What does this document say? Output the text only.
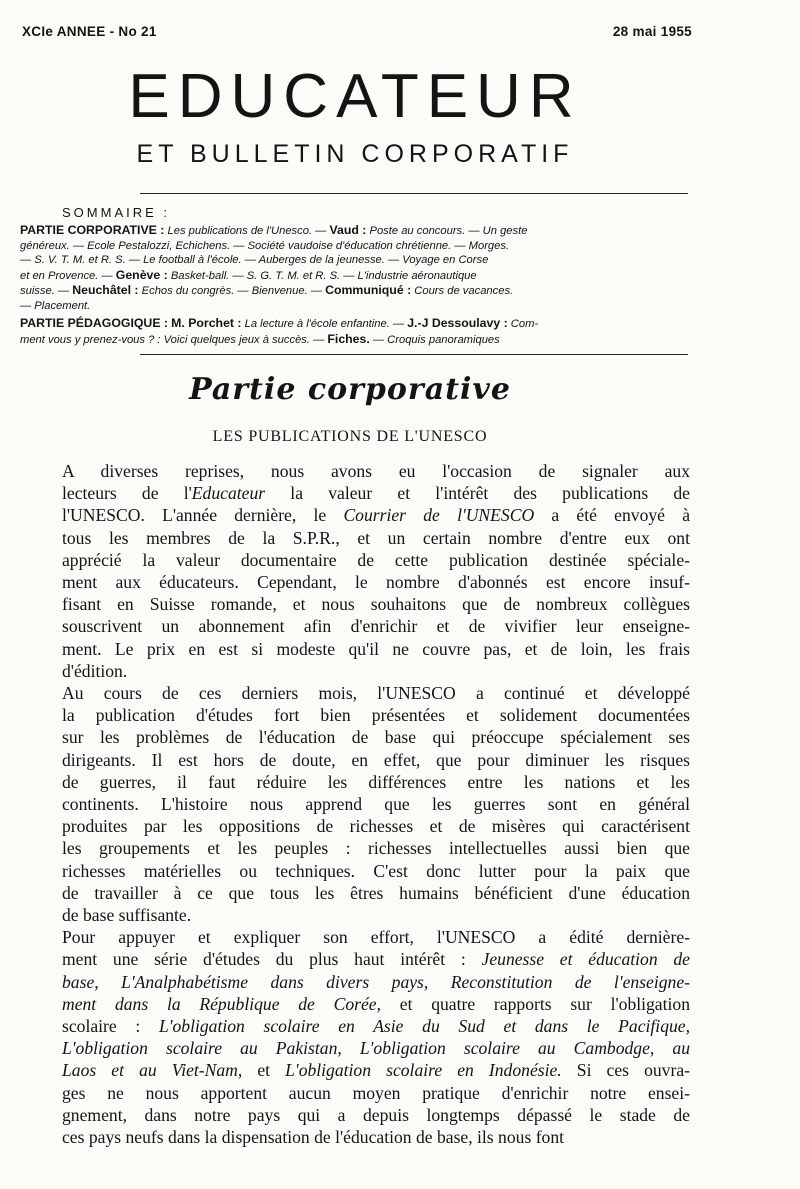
XCIe ANNEE - No 21	28 mai 1955
EDUCATEUR
ET BULLETIN CORPORATIF
SOMMAIRE :
PARTIE CORPORATIVE : Les publications de l'Unesco. — Vaud : Poste au concours. — Un geste
généreux. — Ecole Pestalozzi, Echichens. — Société vaudoise d'éducation chrétienne. — Morges.
— S. V. T. M. et R. S. — Le football à l'école. — Auberges de la jeunesse. — Voyage en Corse
et en Provence. — Genève : Basket-ball. — S. G. T. M. et R. S. — L'industrie aéronautique
suisse. — Neuchâtel : Echos du congrès. — Bienvenue. — Communiqué : Cours de vacances.
— Placement.
PARTIE PÉDAGOGIQUE : M. Porchet : La lecture à l'école enfantine. — J.-J Dessoulavy : Com-
ment vous y prenez-vous ? : Voici quelques jeux à succès. — Fiches. — Croquis panoramiques
Partie corporative
LES PUBLICATIONS DE L'UNESCO

A diverses reprises, nous avons eu l'occasion de signaler aux
lecteurs de l'Educateur la valeur et l'intérêt des publications de
l'UNESCO. L'année dernière, le Courrier de l'UNESCO a été envoyé à
tous les membres de la S.P.R., et un certain nombre d'entre eux ont
apprécié la valeur documentaire de cette publication destinée spéciale-
ment aux éducateurs. Cependant, le nombre d'abonnés est encore insuf-
fisant en Suisse romande, et nous souhaitons que de nombreux collègues
souscrivent un abonnement afin d'enrichir et de vivifier leur enseigne-
ment. Le prix en est si modeste qu'il ne couvre pas, et de loin, les frais
d'édition.

Au cours de ces derniers mois, l'UNESCO a continué et développé
la publication d'études fort bien présentées et solidement documentées
sur les problèmes de l'éducation de base qui préoccupe spécialement ses
dirigeants. Il est hors de doute, en effet, que pour diminuer les risques
de guerres, il faut réduire les différences entre les nations et les
continents. L'histoire nous apprend que les guerres sont en général
produites par les oppositions de richesses et de misères qui caractérisent
les groupements et les peuples : richesses intellectuelles aussi bien que
richesses matérielles ou techniques. C'est donc lutter pour la paix que
de travailler à ce que tous les êtres humains bénéficient d'une éducation
de base suffisante.

Pour appuyer et expliquer son effort, l'UNESCO a édité dernière-
ment une série d'études du plus haut intérêt : Jeunesse et éducation de
base, L'Analphabétisme dans divers pays, Reconstitution de l'enseigne-
ment dans la République de Corée, et quatre rapports sur l'obligation
scolaire : L'obligation scolaire en Asie du Sud et dans le Pacifique,
L'obligation scolaire au Pakistan, L'obligation scolaire au Cambodge, au
Laos et au Viet-Nam, et L'obligation scolaire en Indonésie. Si ces ouvra-
ges ne nous apportent aucun moyen pratique d'enrichir notre ensei-
gnement, dans notre pays qui a depuis longtemps dépassé le stade de
ces pays neufs dans la dispensation de l'éducation de base, ils nous font
